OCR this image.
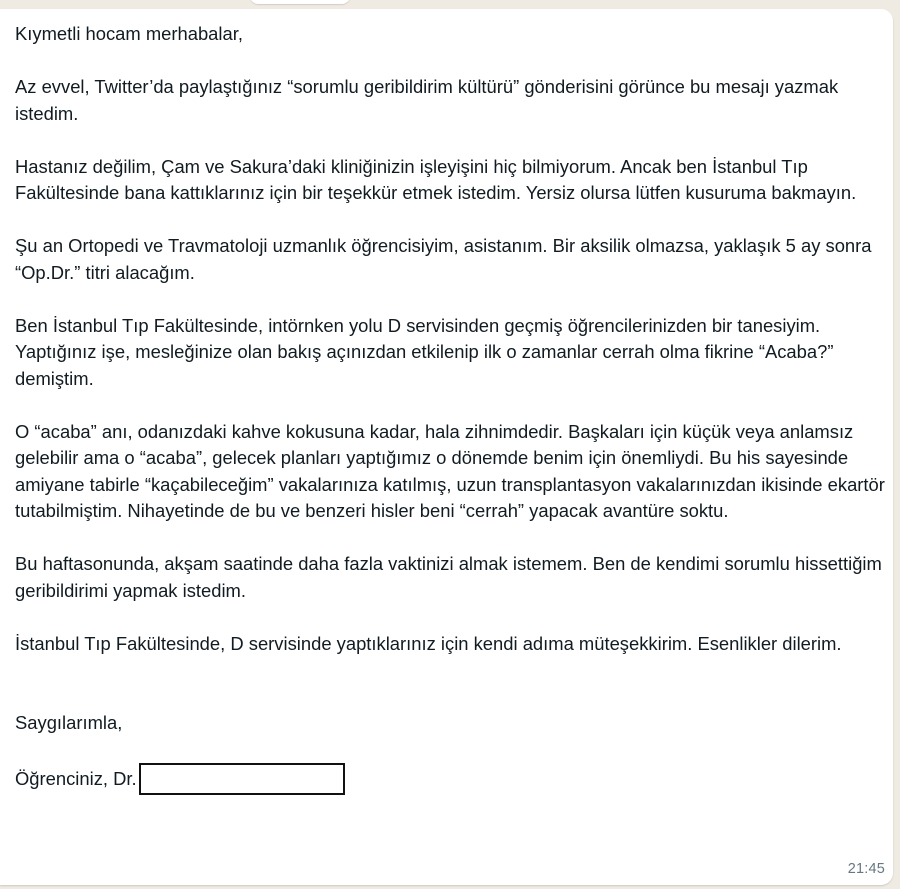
Kıymetli hocam merhabalar,

Az evvel, Twitter’da paylaştığınız “sorumlu geribildirim kültürü” gönderisini görünce bu mesajı yazmak istedim.

Hastanız değilim, Çam ve Sakura’daki kliniğinizin işleyişini hiç bilmiyorum. Ancak ben İstanbul Tıp Fakültesinde bana kattıklarınız için bir teşekkür etmek istedim. Yersiz olursa lütfen kusuruma bakmayın.

Şu an Ortopedi ve Travmatoloji uzmanlık öğrencisiyim, asistanım. Bir aksilik olmazsa, yaklaşık 5 ay sonra “Op.Dr.” titri alacağım.

Ben İstanbul Tıp Fakültesinde, intörnken yolu D servisinden geçmiş öğrencilerinizden bir tanesiyim. Yaptığınız işe, mesleğinize olan bakış açınızdan etkilenip ilk o zamanlar cerrah olma fikrine “Acaba?” demiştim.

O “acaba” anı, odanızdaki kahve kokusuna kadar, hala zihnimdedir. Başkaları için küçük veya anlamsız gelebilir ama o “acaba”, gelecek planları yaptığımız o dönemde benim için önemliydi. Bu his sayesinde amiyane tabirle “kaçabileceğim” vakalarınıza katılmış, uzun transplantasyon vakalarınızdan ikisinde ekartör tutabilmiştim. Nihayetinde de bu ve benzeri hisler beni “cerrah” yapacak avantüre soktu.

Bu haftasonunda, akşam saatinde daha fazla vaktinizi almak istemem. Ben de kendimi sorumlu hissettiğim geribildirimi yapmak istedim.

İstanbul Tıp Fakültesinde, D servisinde yaptıklarınız için kendi adıma müteşekkirim. Esenlikler dilerim.

Saygılarımla,

Öğrenciniz, Dr.
21:45
